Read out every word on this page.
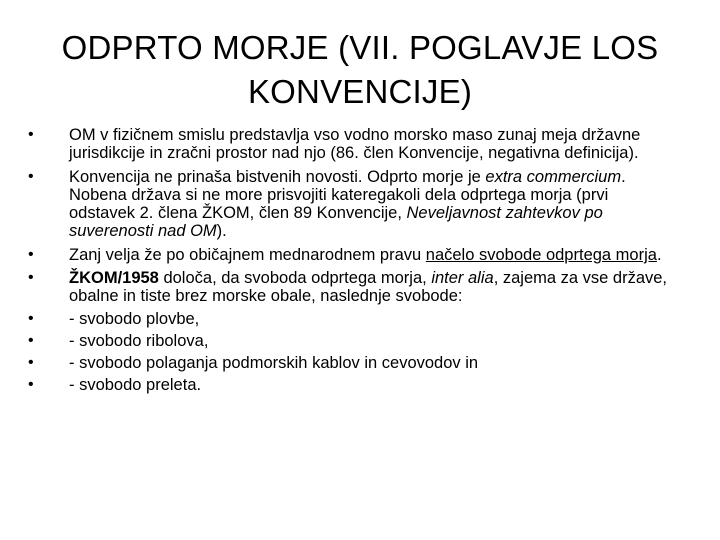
ODPRTO MORJE (VII. POGLAVJE LOS
KONVENCIJE)
• OM v fizičnem smislu predstavlja vso vodno morsko maso zunaj meja državne jurisdikcije in zračni prostor nad njo (86. člen Konvencije, negativna definicija).
• Konvencija ne prinaša bistvenih novosti. Odprto morje je extra commercium. Nobena država si ne more prisvojiti kateregakoli dela odprtega morja (prvi odstavek 2. člena ŽKOM, člen 89 Konvencije, Neveljavnost zahtevkov po suverenosti nad OM).
• Zanj velja že po običajnem mednarodnem pravu načelo svobode odprtega morja.
• ŽKOM/1958 določa, da svoboda odprtega morja, inter alia, zajema za vse države, obalne in tiste brez morske obale, naslednje svobode:
• - svobodo plovbe,
• - svobodo ribolova,
• - svobodo polaganja podmorskih kablov in cevovodov in
• - svobodo preleta.
